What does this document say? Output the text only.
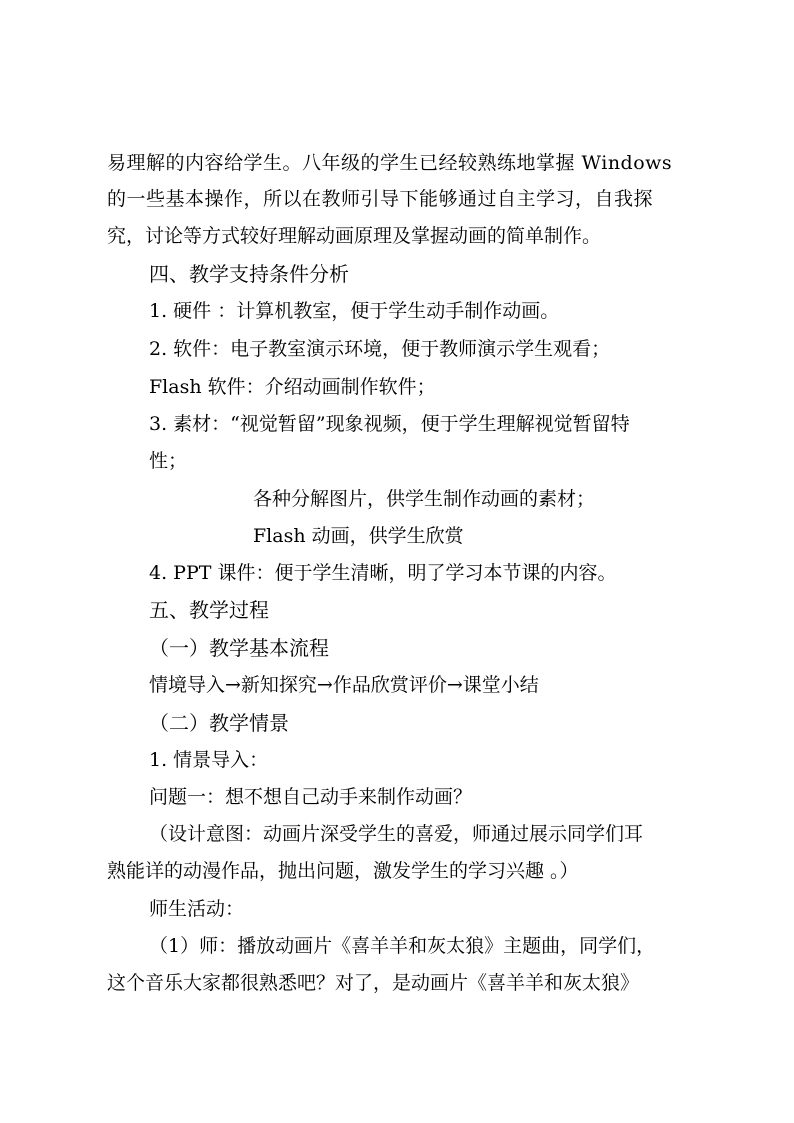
易理解的内容给学生。八年级的学生已经较熟练地掌握 Windows
的一些基本操作，所以在教师引导下能够通过自主学习，自我探
究，讨论等方式较好理解动画原理及掌握动画的简单制作。
四、教学支持条件分析
1. 硬件 ：计算机教室，便于学生动手制作动画。
2. 软件：电子教室演示环境，便于教师演示学生观看；
Flash 软件：介绍动画制作软件；
3. 素材：“视觉暂留”现象视频，便于学生理解视觉暂留特
性；
各种分解图片，供学生制作动画的素材；
Flash 动画，供学生欣赏
4. PPT 课件：便于学生清晰，明了学习本节课的内容。
五、教学过程
（一）教学基本流程
情境导入→新知探究→作品欣赏评价→课堂小结
（二）教学情景
1. 情景导入：
问题一：想不想自己动手来制作动画？
（设计意图：动画片深受学生的喜爱，师通过展示同学们耳
熟能详的动漫作品，抛出问题，激发学生的学习兴趣 。）
师生活动：
（1）师：播放动画片《喜羊羊和灰太狼》主题曲，同学们，
这个音乐大家都很熟悉吧？对了，是动画片《喜羊羊和灰太狼》
